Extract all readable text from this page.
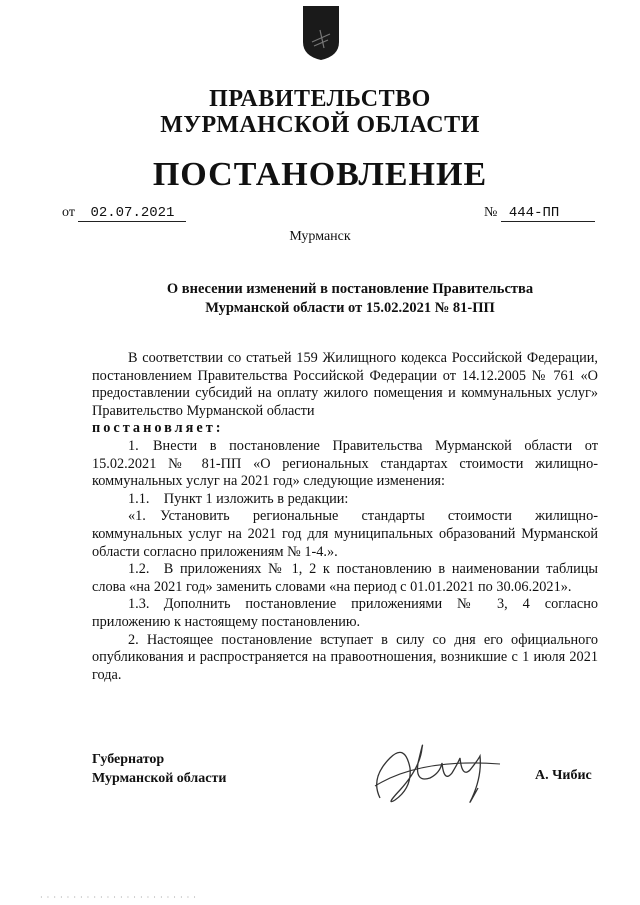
ПРАВИТЕЛЬСТВО
МУРМАНСКОЙ ОБЛАСТИ
ПОСТАНОВЛЕНИЕ
от 02.07.2021	№ 444-ПП
Мурманск
О внесении изменений в постановление Правительства
Мурманской области от 15.02.2021 № 81-ПП

В соответствии со статьей 159 Жилищного кодекса Российской Федерации, постановлением Правительства Российской Федерации от 14.12.2005 № 761 «О предоставлении субсидий на оплату жилого помещения и коммунальных услуг» Правительство Мурманской области
постановляет:

1. Внести в постановление Правительства Мурманской области от 15.02.2021 № 81-ПП «О региональных стандартах стоимости жилищно-коммунальных услуг на 2021 год» следующие изменения:

1.1. Пункт 1 изложить в редакции:

«1. Установить региональные стандарты стоимости жилищно-коммунальных услуг на 2021 год для муниципальных образований Мурманской области согласно приложениям № 1-4.».

1.2. В приложениях № 1, 2 к постановлению в наименовании таблицы слова «на 2021 год» заменить словами «на период с 01.01.2021 по 30.06.2021».

1.3. Дополнить постановление приложениями № 3, 4 согласно приложению к настоящему постановлению.

2. Настоящее постановление вступает в силу со дня его официального опубликования и распространяется на правоотношения, возникшие с 1 июля 2021 года.

Губернатор
Мурманской области	А. Чибис
· · · · · · · · · · · · · · · · · · · · · · · ·
